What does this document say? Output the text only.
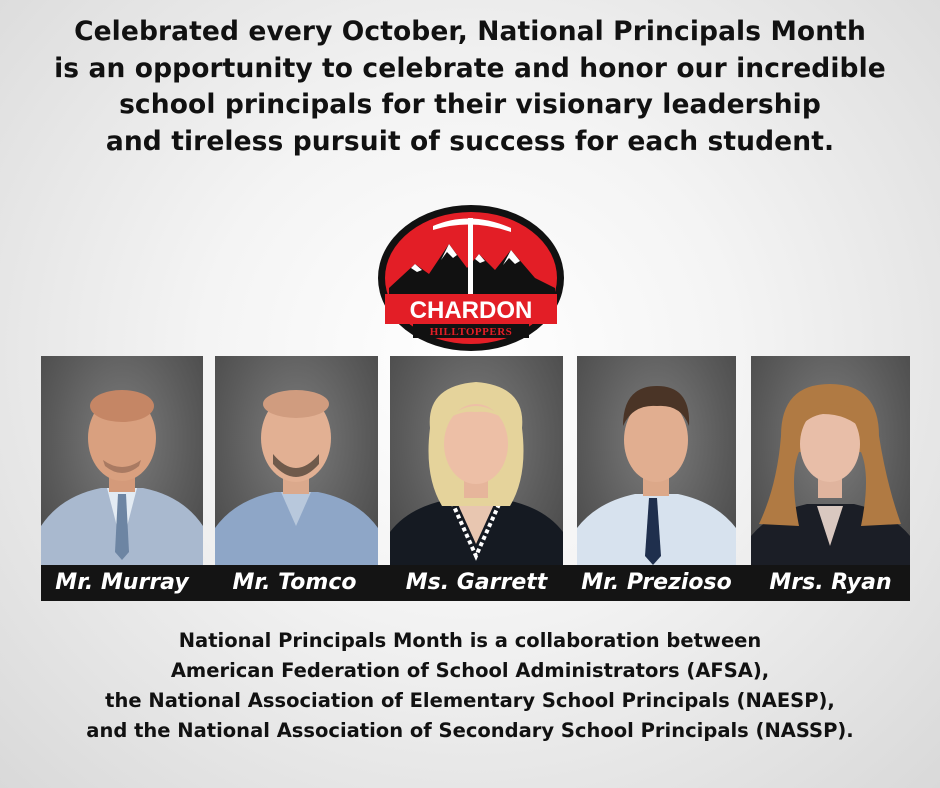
Celebrated every October, National Principals Month
is an opportunity to celebrate and honor our incredible
school principals for their visionary leadership
and tireless pursuit of success for each student.
CHARDON
HILLTOPPERS
Mr. Murray	Mr. Tomco	Ms. Garrett	Mr. Prezioso	Mrs. Ryan
National Principals Month is a collaboration between
American Federation of School Administrators (AFSA),
the National Association of Elementary School Principals (NAESP),
and the National Association of Secondary School Principals (NASSP).
